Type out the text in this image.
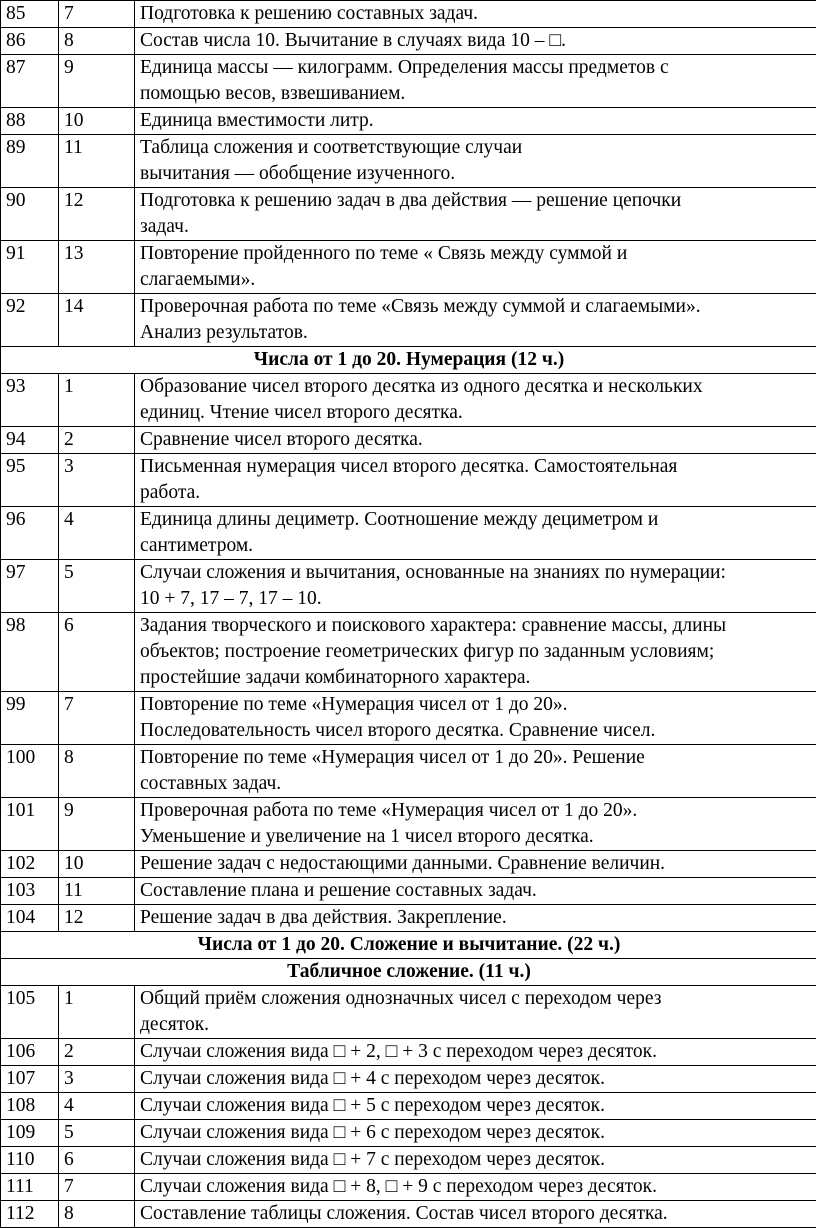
85	7	Подготовка к решению составных задач.
86	8	Состав числа 10. Вычитание в случаях вида 10 – □.
87	9	Единица массы — килограмм. Определения массы предметов с
помощью весов, взвешиванием.
88	10	Единица вместимости литр.
89	11	Таблица сложения и соответствующие случаи
вычитания — обобщение изученного.
90	12	Подготовка к решению задач в два действия — решение цепочки
задач.
91	13	Повторение пройденного по теме « Связь между суммой и
слагаемыми».
92	14	Проверочная работа по теме «Связь между суммой и слагаемыми».
Анализ результатов.
Числа от 1 до 20. Нумерация (12 ч.)		
93	1	Образование чисел второго десятка из одного десятка и нескольких
единиц. Чтение чисел второго десятка.
94	2	Сравнение чисел второго десятка.
95	3	Письменная нумерация чисел второго десятка. Самостоятельная
работа.
96	4	Единица длины дециметр. Соотношение между дециметром и
сантиметром.
97	5	Случаи сложения и вычитания, основанные на знаниях по нумерации:
10 + 7, 17 – 7, 17 – 10.
98	6	Задания творческого и поискового характера: сравнение массы, длины
объектов; построение геометрических фигур по заданным условиям;
простейшие задачи комбинаторного характера.
99	7	Повторение по теме «Нумерация чисел от 1 до 20».
Последовательность чисел второго десятка. Сравнение чисел.
100	8	Повторение по теме «Нумерация чисел от 1 до 20». Решение
составных задач.
101	9	Проверочная работа по теме «Нумерация чисел от 1 до 20».
Уменьшение и увеличение на 1 чисел второго десятка.
102	10	Решение задач с недостающими данными. Сравнение величин.
103	11	Составление плана и решение составных задач.
104	12	Решение задач в два действия. Закрепление.
Числа от 1 до 20. Сложение и вычитание. (22 ч.)		
Табличное сложение. (11 ч.)		
105	1	Общий приём сложения однозначных чисел с переходом через
десяток.
106	2	Случаи сложения вида □ + 2, □ + 3 с переходом через десяток.
107	3	Случаи сложения вида □ + 4 с переходом через десяток.
108	4	Случаи сложения вида □ + 5 с переходом через десяток.
109	5	Случаи сложения вида □ + 6 с переходом через десяток.
110	6	Случаи сложения вида □ + 7 с переходом через десяток.
111	7	Случаи сложения вида □ + 8, □ + 9 с переходом через десяток.
112	8	Составление таблицы сложения. Состав чисел второго десятка.
